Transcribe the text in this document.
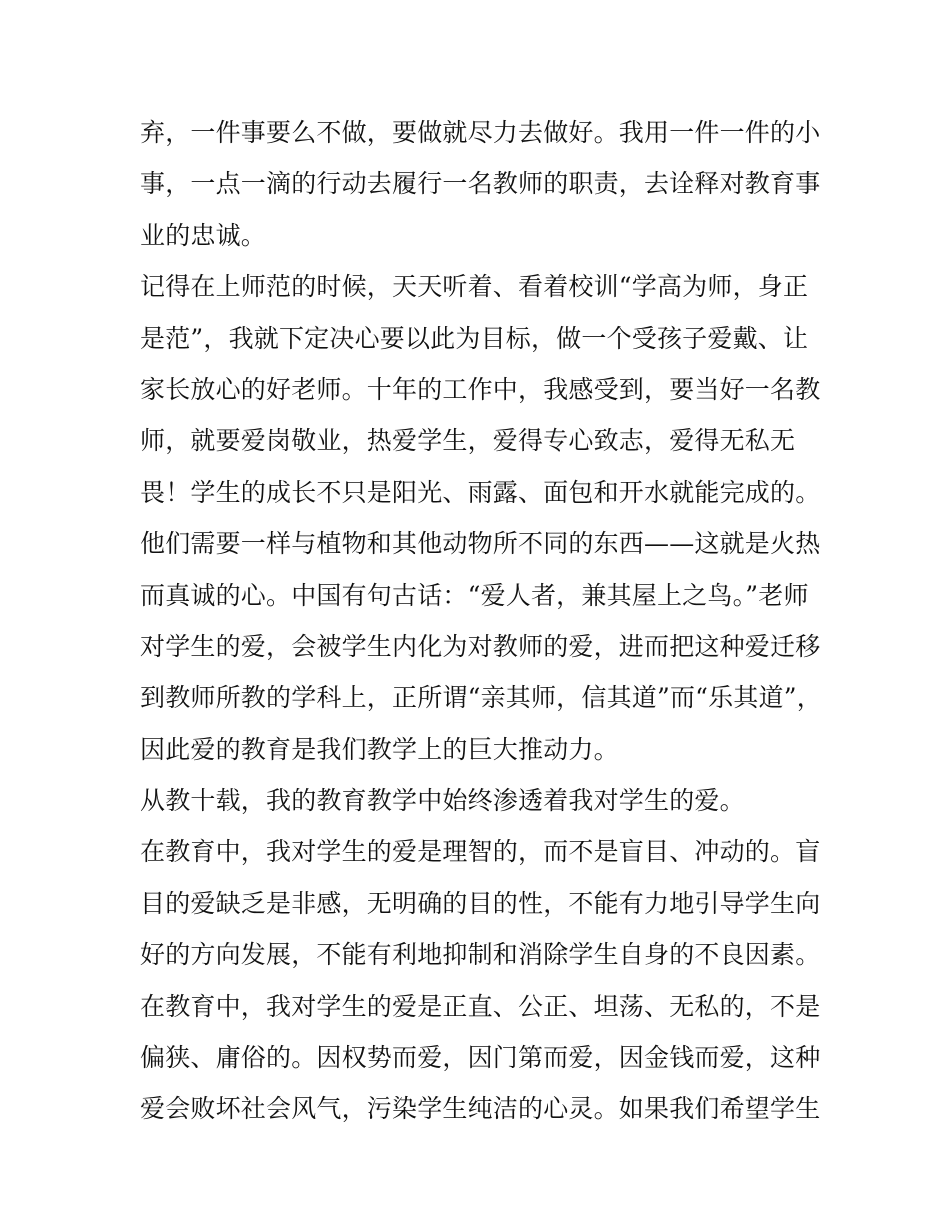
弃，一件事要么不做，要做就尽力去做好。我用一件一件的小
事，一点一滴的行动去履行一名教师的职责，去诠释对教育事
业的忠诚。
记得在上师范的时候，天天听着、看着校训“学高为师，身正
是范”，我就下定决心要以此为目标，做一个受孩子爱戴、让
家长放心的好老师。十年的工作中，我感受到，要当好一名教
师，就要爱岗敬业，热爱学生，爱得专心致志，爱得无私无
畏！学生的成长不只是阳光、雨露、面包和开水就能完成的。
他们需要一样与植物和其他动物所不同的东西——这就是火热
而真诚的心。中国有句古话：“爱人者，兼其屋上之鸟。”老师
对学生的爱，会被学生内化为对教师的爱，进而把这种爱迁移
到教师所教的学科上，正所谓“亲其师，信其道”而“乐其道”，
因此爱的教育是我们教学上的巨大推动力。
从教十载，我的教育教学中始终渗透着我对学生的爱。
在教育中，我对学生的爱是理智的，而不是盲目、冲动的。盲
目的爱缺乏是非感，无明确的目的性，不能有力地引导学生向
好的方向发展，不能有利地抑制和消除学生自身的不良因素。
在教育中，我对学生的爱是正直、公正、坦荡、无私的，不是
偏狭、庸俗的。因权势而爱，因门第而爱，因金钱而爱，这种
爱会败坏社会风气，污染学生纯洁的心灵。如果我们希望学生
